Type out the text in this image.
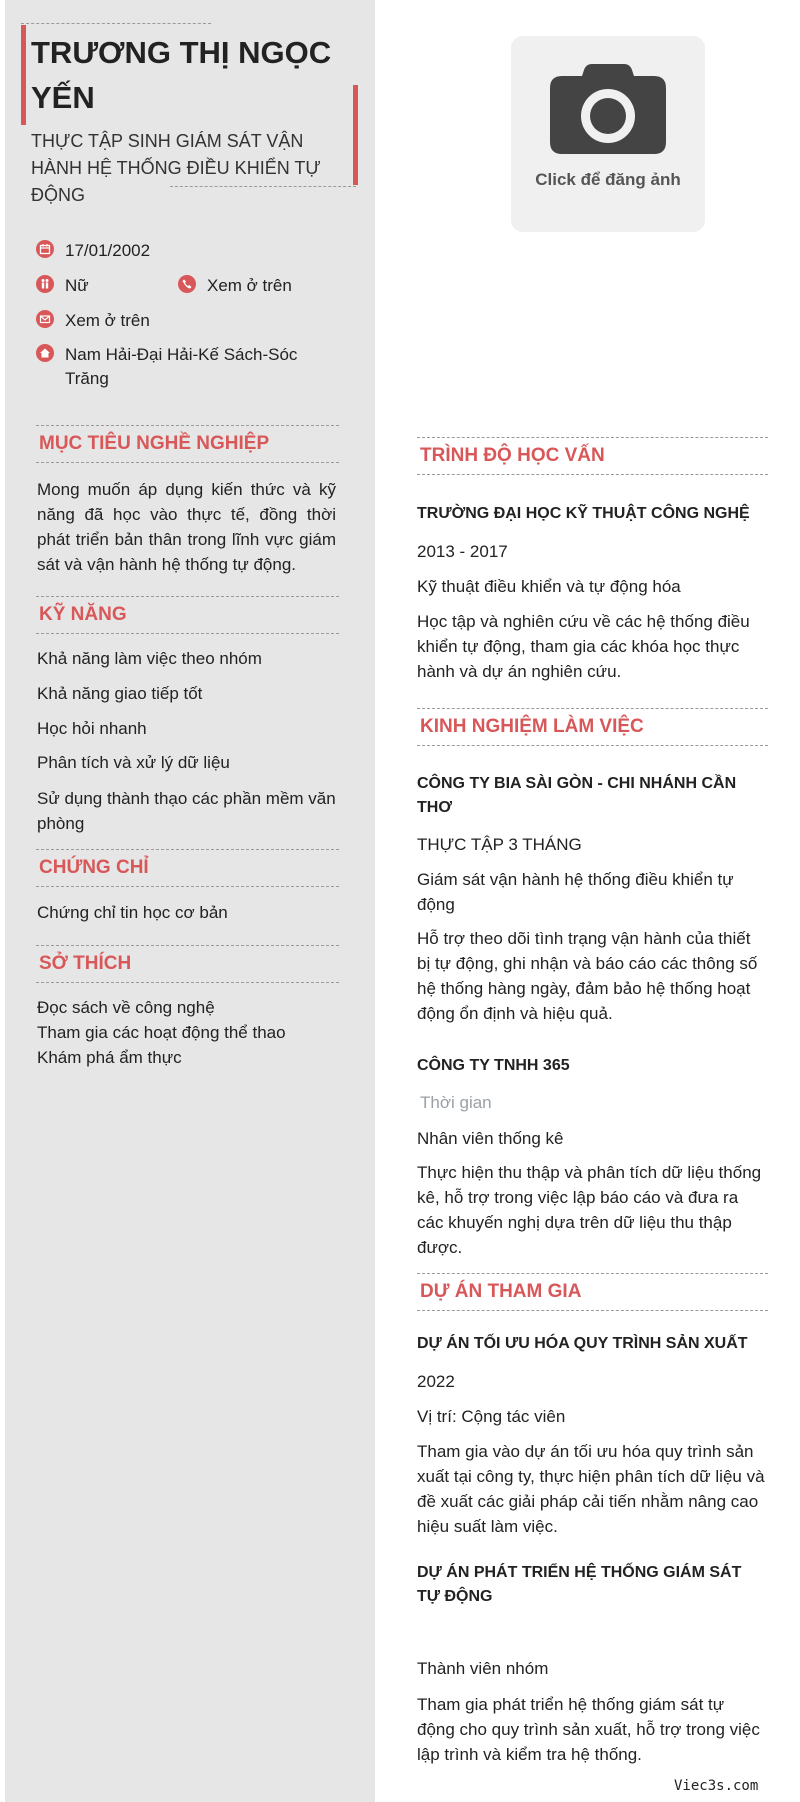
TRƯƠNG THỊ NGỌC YẾN
THỰC TẬP SINH GIÁM SÁT VẬN HÀNH HỆ THỐNG ĐIỀU KHIỂN TỰ ĐỘNG
17/01/2002
Nữ	Xem ở trên
Xem ở trên
Nam Hải-Đại Hải-Kế Sách-Sóc Trăng
MỤC TIÊU NGHỀ NGHIỆP
Mong muốn áp dụng kiến thức và kỹ năng đã học vào thực tế, đồng thời phát triển bản thân trong lĩnh vực giám sát và vận hành hệ thống tự động.
KỸ NĂNG
Khả năng làm việc theo nhóm
Khả năng giao tiếp tốt
Học hỏi nhanh
Phân tích và xử lý dữ liệu
Sử dụng thành thạo các phần mềm văn phòng
CHỨNG CHỈ
Chứng chỉ tin học cơ bản
SỞ THÍCH
Đọc sách về công nghệ
Tham gia các hoạt động thể thao
Khám phá ẩm thực
Click để đăng ảnh
TRÌNH ĐỘ HỌC VẤN
TRƯỜNG ĐẠI HỌC KỸ THUẬT CÔNG NGHỆ
2013 - 2017
Kỹ thuật điều khiển và tự động hóa
Học tập và nghiên cứu về các hệ thống điều khiển tự động, tham gia các khóa học thực hành và dự án nghiên cứu.
KINH NGHIỆM LÀM VIỆC
CÔNG TY BIA SÀI GÒN - CHI NHÁNH CẦN THƠ
THỰC TẬP 3 THÁNG
Giám sát vận hành hệ thống điều khiển tự động
Hỗ trợ theo dõi tình trạng vận hành của thiết bị tự động, ghi nhận và báo cáo các thông số hệ thống hàng ngày, đảm bảo hệ thống hoạt động ổn định và hiệu quả.
CÔNG TY TNHH 365
Thời gian
Nhân viên thống kê
Thực hiện thu thập và phân tích dữ liệu thống kê, hỗ trợ trong việc lập báo cáo và đưa ra các khuyến nghị dựa trên dữ liệu thu thập được.
DỰ ÁN THAM GIA
DỰ ÁN TỐI ƯU HÓA QUY TRÌNH SẢN XUẤT
2022
Vị trí: Cộng tác viên
Tham gia vào dự án tối ưu hóa quy trình sản xuất tại công ty, thực hiện phân tích dữ liệu và đề xuất các giải pháp cải tiến nhằm nâng cao hiệu suất làm việc.
DỰ ÁN PHÁT TRIỂN HỆ THỐNG GIÁM SÁT TỰ ĐỘNG
Thành viên nhóm
Tham gia phát triển hệ thống giám sát tự động cho quy trình sản xuất, hỗ trợ trong việc lập trình và kiểm tra hệ thống.
Viec3s.com
